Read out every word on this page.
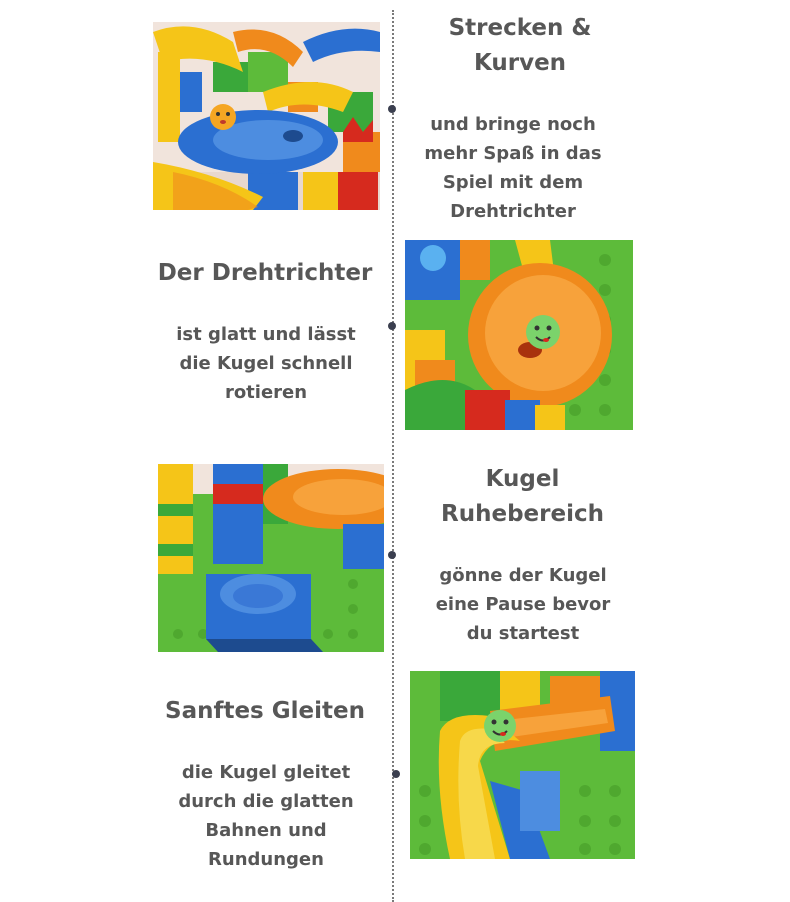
Strecken &
Kurven
und bringe noch
mehr Spaß in das
Spiel mit dem
Drehtrichter
Der Drehtrichter
ist glatt und lässt
die Kugel schnell
rotieren
Kugel
Ruhebereich
gönne der Kugel
eine Pause bevor
du startest
Sanftes Gleiten
die Kugel gleitet
durch die glatten
Bahnen und
Rundungen
